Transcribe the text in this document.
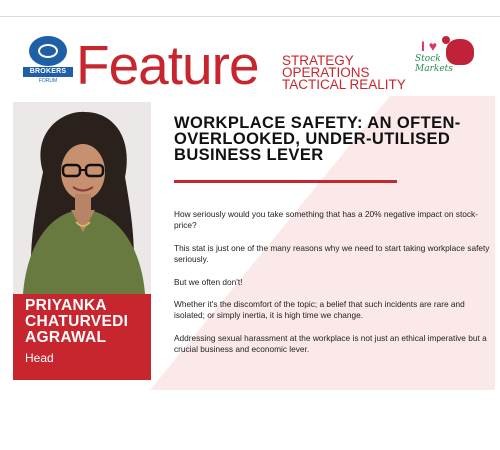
BROKERS
FORUM Feature STRATEGY
OPERATIONS
TACTICAL REALITY
I ♥
Stock Markets
PRIYANKA
CHATURVEDI
AGRAWAL
Head
WORKPLACE SAFETY: AN OFTEN-OVERLOOKED, UNDER-UTILISED BUSINESS LEVER

How seriously would you take something that has a 20% negative impact on stock-price?

This stat is just one of the many reasons why we need to start taking workplace safety seriously.

But we often don't!

Whether it's the discomfort of the topic; a belief that such incidents are rare and isolated; or simply inertia, it is high time we change.

Addressing sexual harassment at the workplace is not just an ethical imperative but a crucial business and economic lever.
